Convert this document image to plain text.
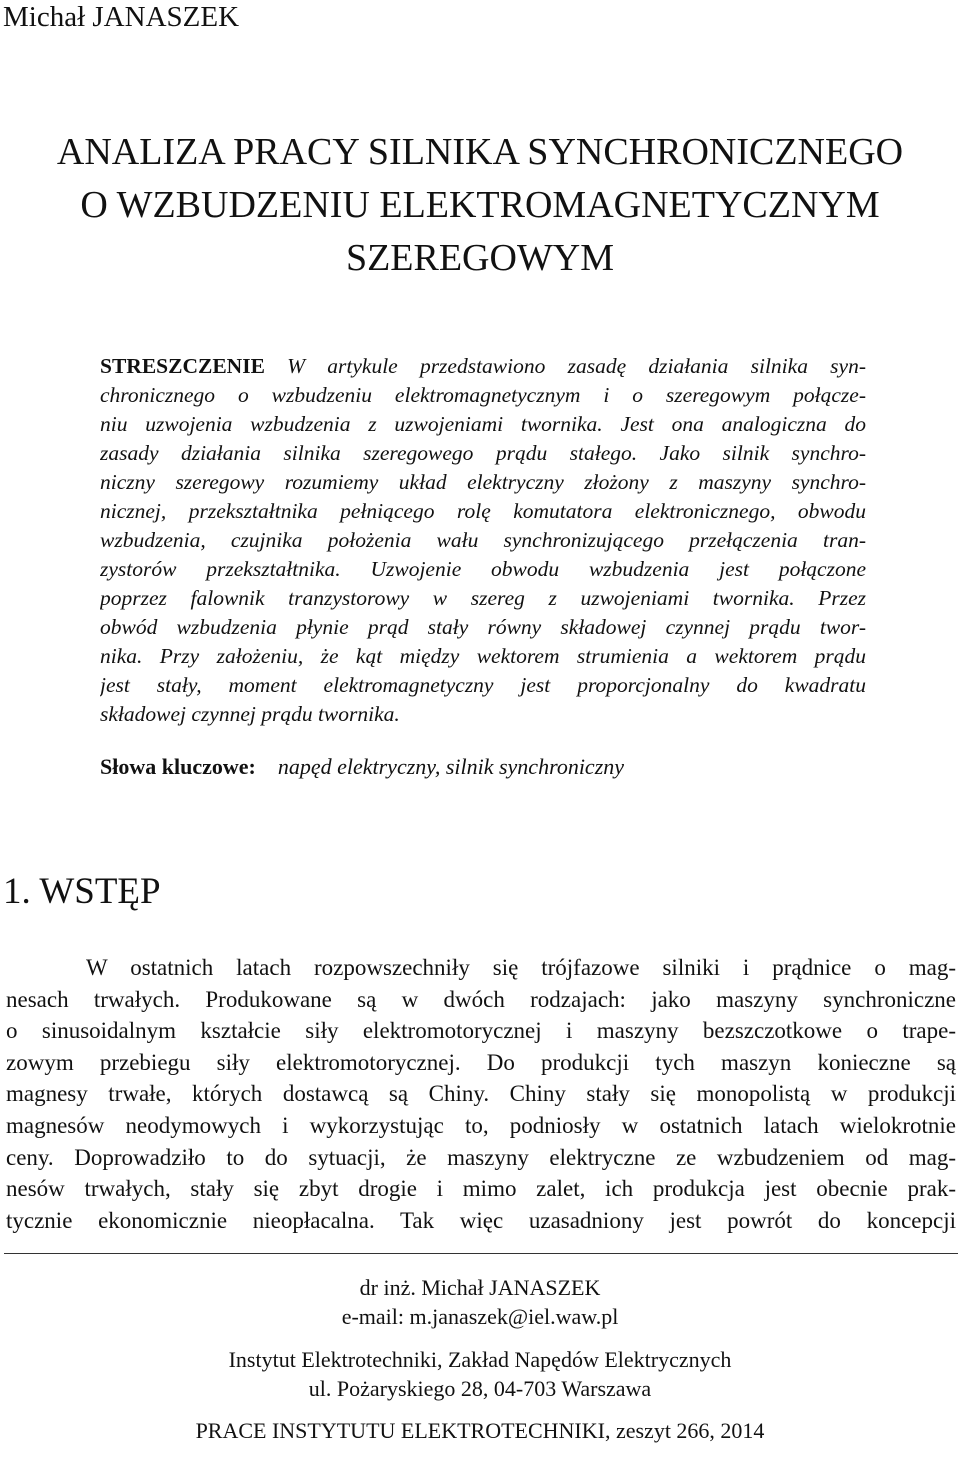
Michał JANASZEK
ANALIZA PRACY SILNIKA SYNCHRONICZNEGO
O WZBUDZENIU ELEKTROMAGNETYCZNYM
SZEREGOWYM
STRESZCZENIE W artykule przedstawiono zasadę działania silnika syn-
chronicznego o wzbudzeniu elektromagnetycznym i o szeregowym połącze-
niu uzwojenia wzbudzenia z uzwojeniami twornika. Jest ona analogiczna do
zasady działania silnika szeregowego prądu stałego. Jako silnik synchro-
niczny szeregowy rozumiemy układ elektryczny złożony z maszyny synchro-
nicznej, przekształtnika pełniącego rolę komutatora elektronicznego, obwodu
wzbudzenia, czujnika położenia wału synchronizującego przełączenia tran-
zystorów przekształtnika. Uzwojenie obwodu wzbudzenia jest połączone
poprzez falownik tranzystorowy w szereg z uzwojeniami twornika. Przez
obwód wzbudzenia płynie prąd stały równy składowej czynnej prądu twor-
nika. Przy założeniu, że kąt między wektorem strumienia a wektorem prądu
jest stały, moment elektromagnetyczny jest proporcjonalny do kwadratu
składowej czynnej prądu twornika.
Słowa kluczowe: napęd elektryczny, silnik synchroniczny
1. WSTĘP
W ostatnich latach rozpowszechniły się trójfazowe silniki i prądnice o mag-
nesach trwałych. Produkowane są w dwóch rodzajach: jako maszyny synchroniczne
o sinusoidalnym kształcie siły elektromotorycznej i maszyny bezszczotkowe o trape-
zowym przebiegu siły elektromotorycznej. Do produkcji tych maszyn konieczne są
magnesy trwałe, których dostawcą są Chiny. Chiny stały się monopolistą w produkcji
magnesów neodymowych i wykorzystując to, podniosły w ostatnich latach wielokrotnie
ceny. Doprowadziło to do sytuacji, że maszyny elektryczne ze wzbudzeniem od mag-
nesów trwałych, stały się zbyt drogie i mimo zalet, ich produkcja jest obecnie prak-
tycznie ekonomicznie nieopłacalna. Tak więc uzasadniony jest powrót do koncepcji
dr inż. Michał JANASZEK
e-mail: m.janaszek@iel.waw.pl
Instytut Elektrotechniki, Zakład Napędów Elektrycznych
ul. Pożaryskiego 28, 04-703 Warszawa
PRACE INSTYTUTU ELEKTROTECHNIKI, zeszyt 266, 2014
